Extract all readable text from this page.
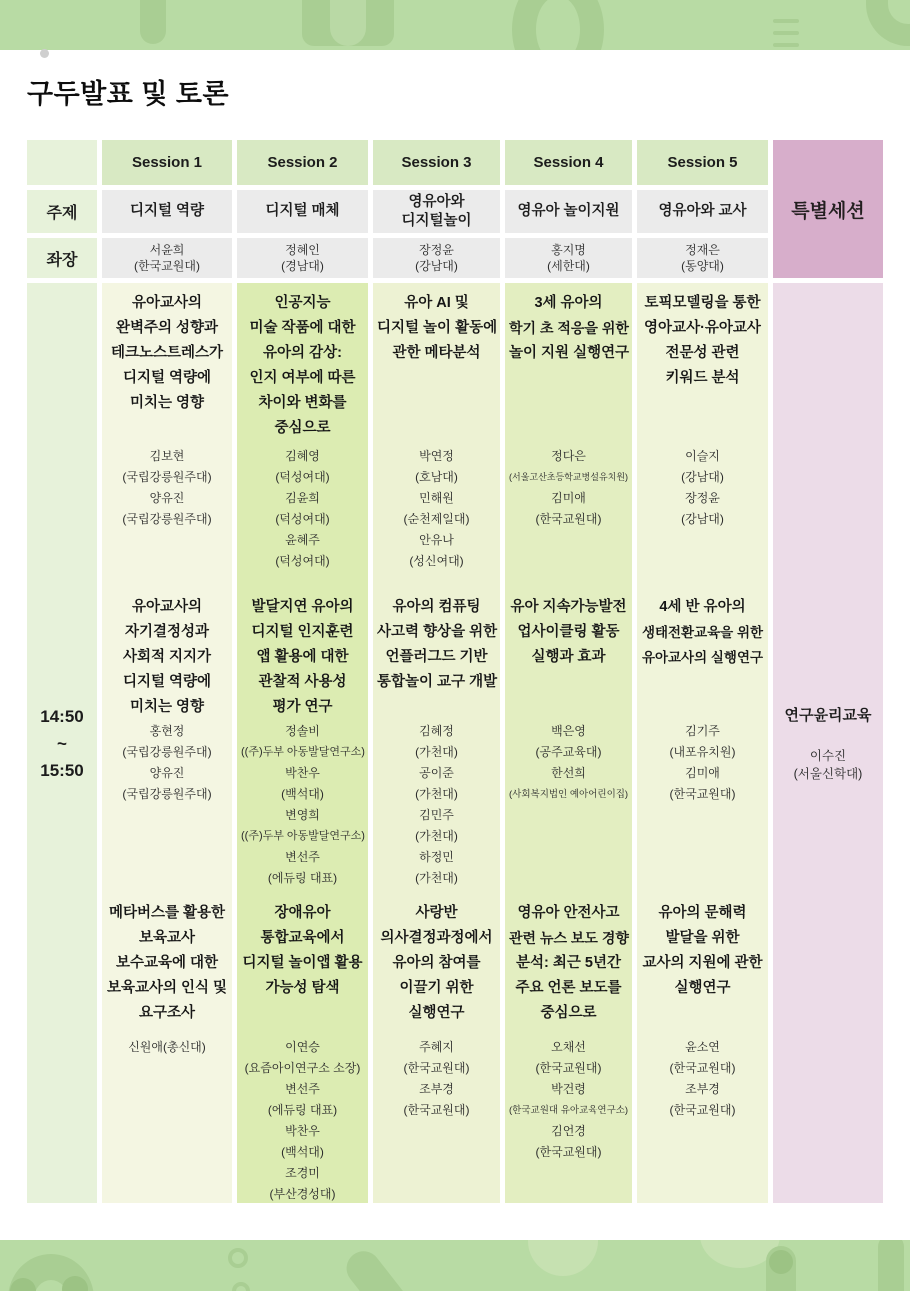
구두발표 및 토론
주제
좌장
14:50
~
15:50
특별세션
연구윤리교육
이수진
(서울신학대)
Session 1
디지털 역량
서윤희
(한국교원대)
유아교사의
완벽주의 성향과
테크노스트레스가
디지털 역량에
미치는 영향
김보현
(국립강릉원주대)
양유진
(국립강릉원주대)
유아교사의
자기결정성과
사회적 지지가
디지털 역량에
미치는 영향
홍현정
(국립강릉원주대)
양유진
(국립강릉원주대)
메타버스를 활용한
보육교사
보수교육에 대한
보육교사의 인식 및
요구조사
신원애(총신대)
Session 2
디지털 매체
정혜인
(경남대)
인공지능
미술 작품에 대한
유아의 감상:
인지 여부에 따른
차이와 변화를
중심으로
김혜영
(덕성여대)
김윤희
(덕성여대)
윤혜주
(덕성여대)
발달지연 유아의
디지털 인지훈련
앱 활용에 대한
관찰적 사용성
평가 연구
정솔비
((주)두부 아동발달연구소)
박찬우
(백석대)
변영희
((주)두부 아동발달연구소)
변선주
(에듀링 대표)
장애유아
통합교육에서
디지털 놀이앱 활용
가능성 탐색
이연승
(요즘아이연구소 소장)
변선주
(에듀링 대표)
박찬우
(백석대)
조경미
(부산경성대)
Session 3
영유아와
디지털놀이
장정윤
(강남대)
유아 AI 및
디지털 놀이 활동에
관한 메타분석
박연정
(호남대)
민해원
(순천제일대)
안유나
(성신여대)
유아의 컴퓨팅
사고력 향상을 위한
언플러그드 기반
통합놀이 교구 개발
김혜정
(가천대)
공이준
(가천대)
김민주
(가천대)
하정민
(가천대)
사랑반
의사결정과정에서
유아의 참여를
이끌기 위한
실행연구
주혜지
(한국교원대)
조부경
(한국교원대)
Session 4
영유아 놀이지원
홍지명
(세한대)
3세 유아의
학기 초 적응을 위한
놀이 지원 실행연구
정다은
(서울고산초등학교병설유치원)
김미애
(한국교원대)
유아 지속가능발전
업사이클링 활동
실행과 효과
백은영
(공주교육대)
한선희
(사회복지법인 예아어린이집)
영유아 안전사고
관련 뉴스 보도 경향
분석: 최근 5년간
주요 언론 보도를
중심으로
오채선
(한국교원대)
박건령
(한국교원대 유아교육연구소)
김언경
(한국교원대)
Session 5
영유아와 교사
정재은
(동양대)
토픽모델링을 통한
영아교사·유아교사
전문성 관련
키워드 분석
이슬지
(강남대)
장정윤
(강남대)
4세 반 유아의
생태전환교육을 위한
유아교사의 실행연구
김기주
(내포유치원)
김미애
(한국교원대)
유아의 문해력
발달을 위한
교사의 지원에 관한
실행연구
윤소연
(한국교원대)
조부경
(한국교원대)
